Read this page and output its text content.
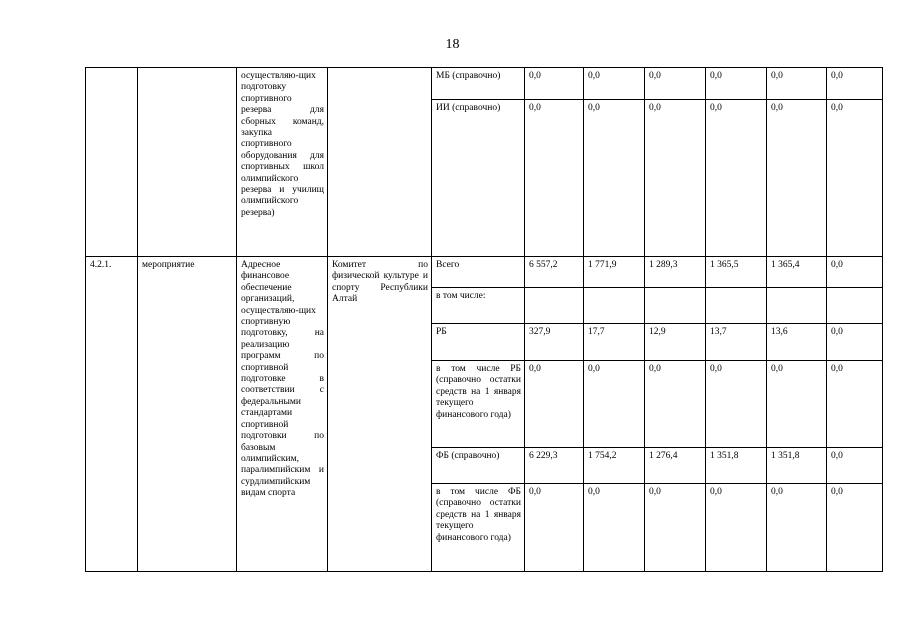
18
		осуществляю-щих подготовку спортивного резерва для сборных команд, закупка спортивного оборудования для спортивных школ олимпийского резерва и училищ олимпийского резерва)		МБ (справочно)	0,0	0,0	0,0	0,0	0,0	0,0
				ИИ (справочно)	0,0	0,0	0,0	0,0	0,0	0,0
4.2.1.	мероприятие	Адресное финансовое обеспечение организаций, осуществляю-щих спортивную подготовку, на реализацию программ по спортивной подготовке в соответствии с федеральными стандартами спортивной подготовки по базовым олимпийским, паралимпийским и сурдлимпийским видам спорта	Комитет по физической культуре и спорту Республики Алтай	Всего	6 557,2	1 771,9	1 289,3	1 365,5	1 365,4	0,0
				в том числе:						
				РБ	327,9	17,7	12,9	13,7	13,6	0,0
				в том числе РБ (справочно остатки средств на 1 января текущего финансового года)	0,0	0,0	0,0	0,0	0,0	0,0
				ФБ (справочно)	6 229,3	1 754,2	1 276,4	1 351,8	1 351,8	0,0
				в том числе ФБ (справочно остатки средств на 1 января текущего финансового года)	0,0	0,0	0,0	0,0	0,0	0,0
